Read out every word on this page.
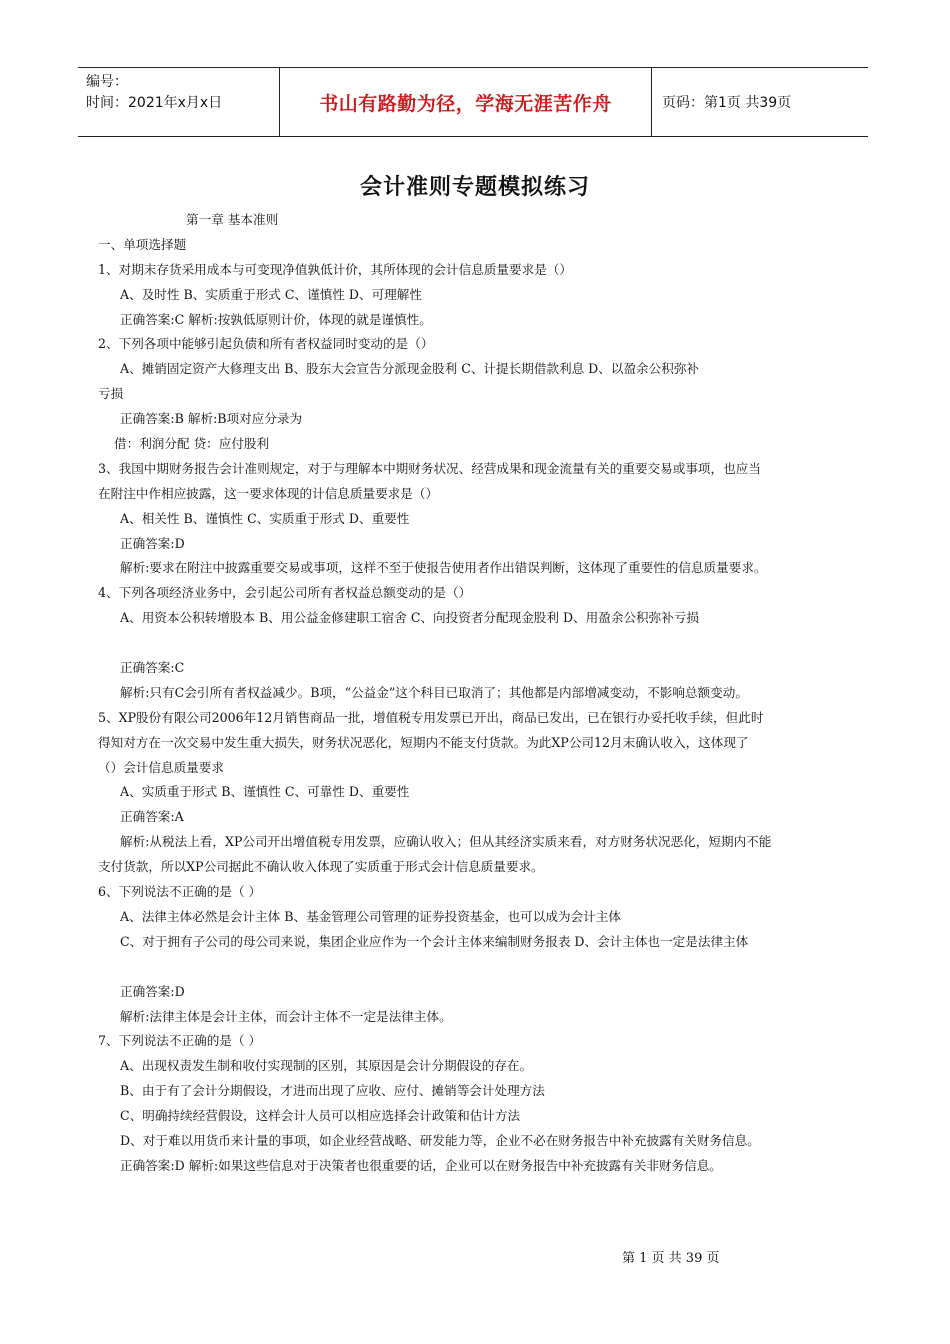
编号：
时间：2021年x月x日	书山有路勤为径，学海无涯苦作舟	页码：第1页 共39页
会计准则专题模拟练习
第一章 基本准则
一、单项选择题
1、对期末存货采用成本与可变现净值孰低计价，其所体现的会计信息质量要求是（）
A、及时性 B、实质重于形式 C、谨慎性 D、可理解性
正确答案:C 解析:按孰低原则计价，体现的就是谨慎性。
2、下列各项中能够引起负债和所有者权益同时变动的是（）
A、摊销固定资产大修理支出 B、股东大会宣告分派现金股利 C、计提长期借款利息 D、以盈余公积弥补
亏损
正确答案:B 解析:B项对应分录为
借：利润分配 贷：应付股利
3、我国中期财务报告会计准则规定，对于与理解本中期财务状况、经营成果和现金流量有关的重要交易或事项，也应当
在附注中作相应披露，这一要求体现的计信息质量要求是（）
A、相关性 B、谨慎性 C、实质重于形式 D、重要性
正确答案:D
解析:要求在附注中披露重要交易或事项，这样不至于使报告使用者作出错误判断，这体现了重要性的信息质量要求。
4、下列各项经济业务中，会引起公司所有者权益总额变动的是（）
A、用资本公积转增股本 B、用公益金修建职工宿舍 C、向投资者分配现金股利 D、用盈余公积弥补亏损
正确答案:C
解析:只有C会引所有者权益减少。B项，“公益金”这个科目已取消了；其他都是内部增减变动，不影响总额变动。
5、XP股份有限公司2006年12月销售商品一批，增值税专用发票已开出，商品已发出，已在银行办妥托收手续，但此时
得知对方在一次交易中发生重大损失，财务状况恶化，短期内不能支付货款。为此XP公司12月末确认收入，这体现了
（）会计信息质量要求
A、实质重于形式 B、谨慎性 C、可靠性 D、重要性
正确答案:A
解析:从税法上看，XP公司开出增值税专用发票，应确认收入；但从其经济实质来看，对方财务状况恶化，短期内不能
支付货款，所以XP公司据此不确认收入体现了实质重于形式会计信息质量要求。
6、下列说法不正确的是（ ）
A、法律主体必然是会计主体 B、基金管理公司管理的证券投资基金，也可以成为会计主体
C、对于拥有子公司的母公司来说，集团企业应作为一个会计主体来编制财务报表 D、会计主体也一定是法律主体
正确答案:D
解析:法律主体是会计主体，而会计主体不一定是法律主体。
7、下列说法不正确的是（ ）
A、出现权责发生制和收付实现制的区别，其原因是会计分期假设的存在。
B、由于有了会计分期假设，才进而出现了应收、应付、摊销等会计处理方法
C、明确持续经营假设，这样会计人员可以相应选择会计政策和估计方法
D、对于难以用货币来计量的事项，如企业经营战略、研发能力等，企业不必在财务报告中补充披露有关财务信息。
正确答案:D 解析:如果这些信息对于决策者也很重要的话，企业可以在财务报告中补充披露有关非财务信息。
第 1 页 共 39 页
